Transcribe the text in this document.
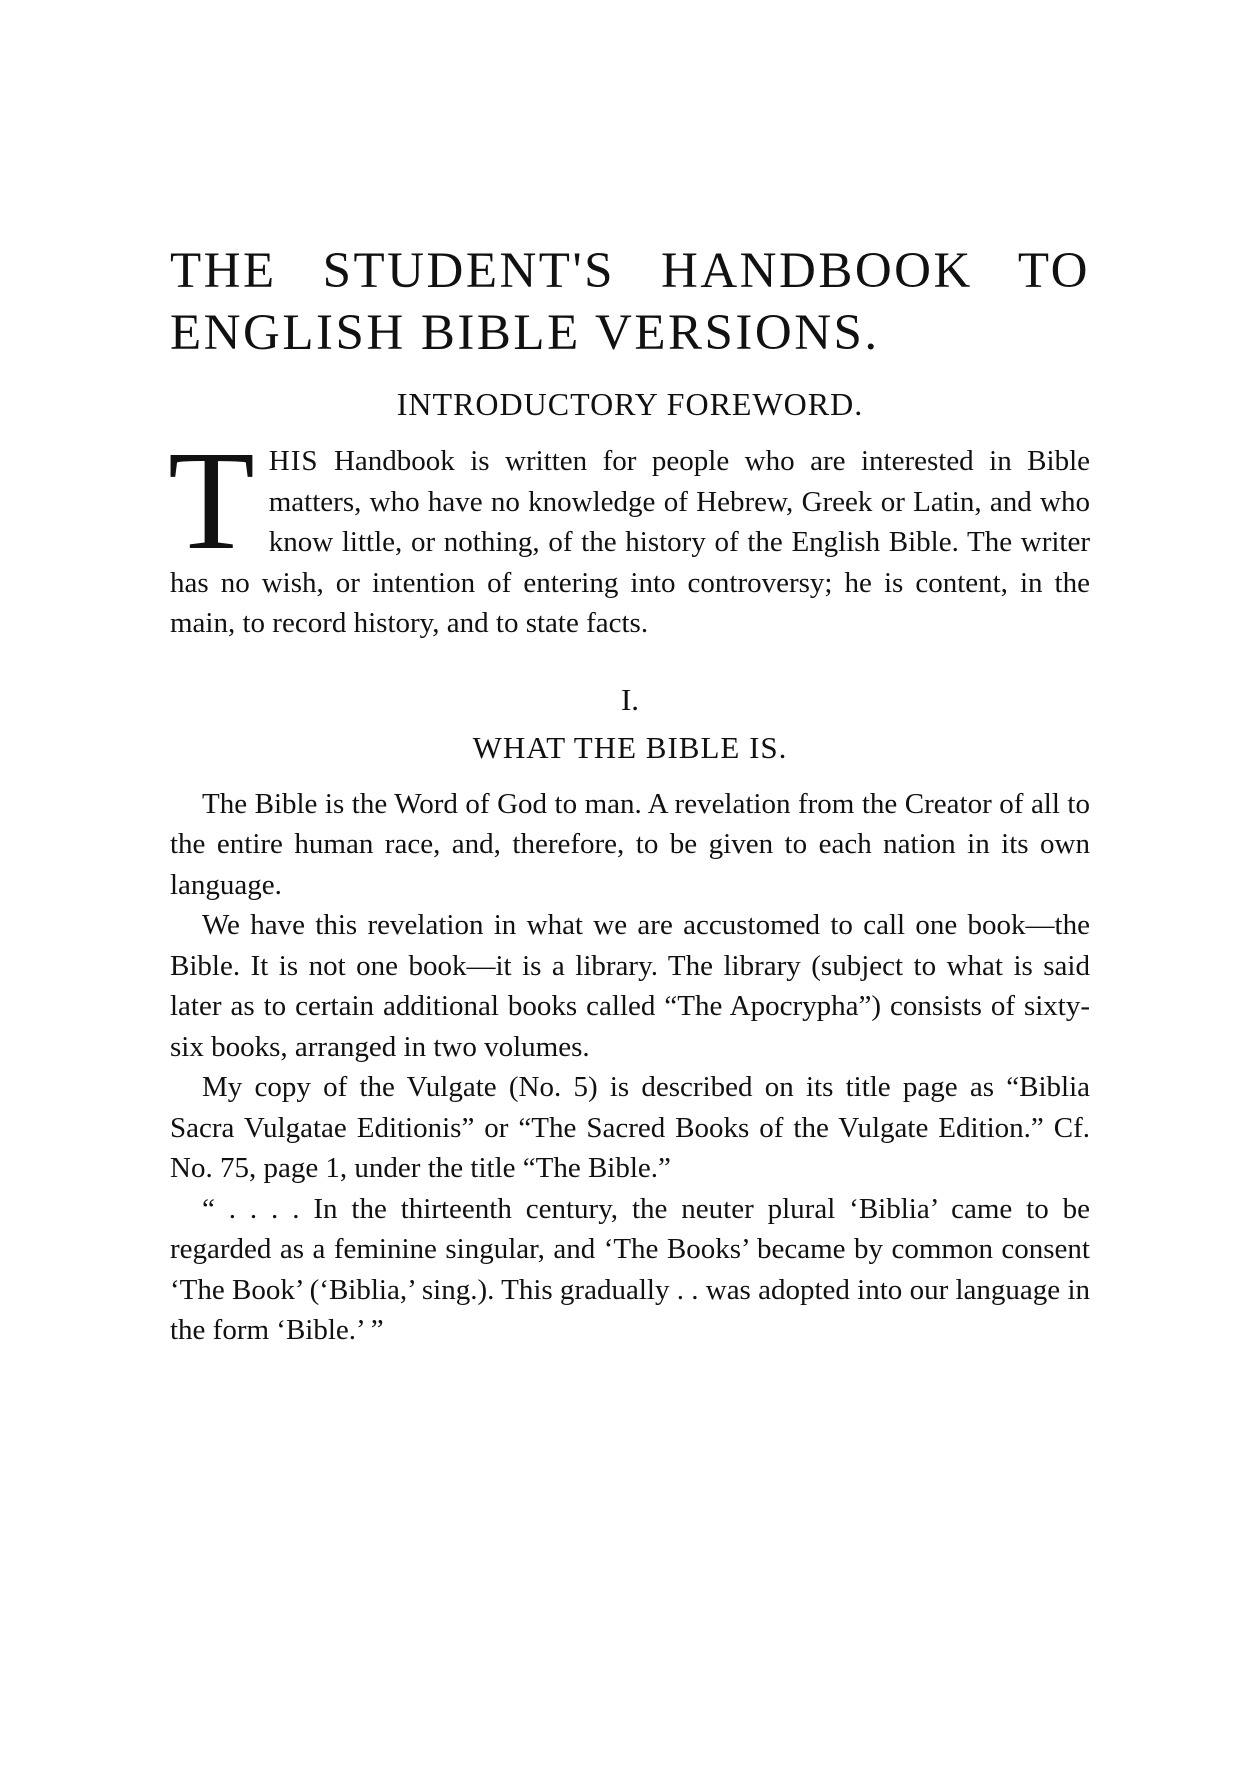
THE STUDENT'S HANDBOOK TO
ENGLISH BIBLE VERSIONS.
INTRODUCTORY FOREWORD.

THIS Handbook is written for people who are interested in Bible matters, who have no knowledge of Hebrew, Greek or Latin, and who know little, or nothing, of the history of the English Bible. The writer has no wish, or intention of entering into controversy; he is content, in the main, to record history, and to state facts.

I.
WHAT THE BIBLE IS.

The Bible is the Word of God to man. A revelation from the Creator of all to the entire human race, and, therefore, to be given to each nation in its own language.

We have this revelation in what we are accustomed to call one book—the Bible. It is not one book—it is a library. The library (subject to what is said later as to certain additional books called “The Apocrypha”) consists of sixty-six books, arranged in two volumes.

My copy of the Vulgate (No. 5) is described on its title page as “Biblia Sacra Vulgatae Editionis” or “The Sacred Books of the Vulgate Edition.” Cf. No. 75, page 1, under the title “The Bible.”

“ . . . . In the thirteenth century, the neuter plural ‘Biblia’ came to be regarded as a feminine singular, and ‘The Books’ became by common consent ‘The Book’ (‘Biblia,’ sing.). This gradually . . was adopted into our language in the form ‘Bible.’ ”
